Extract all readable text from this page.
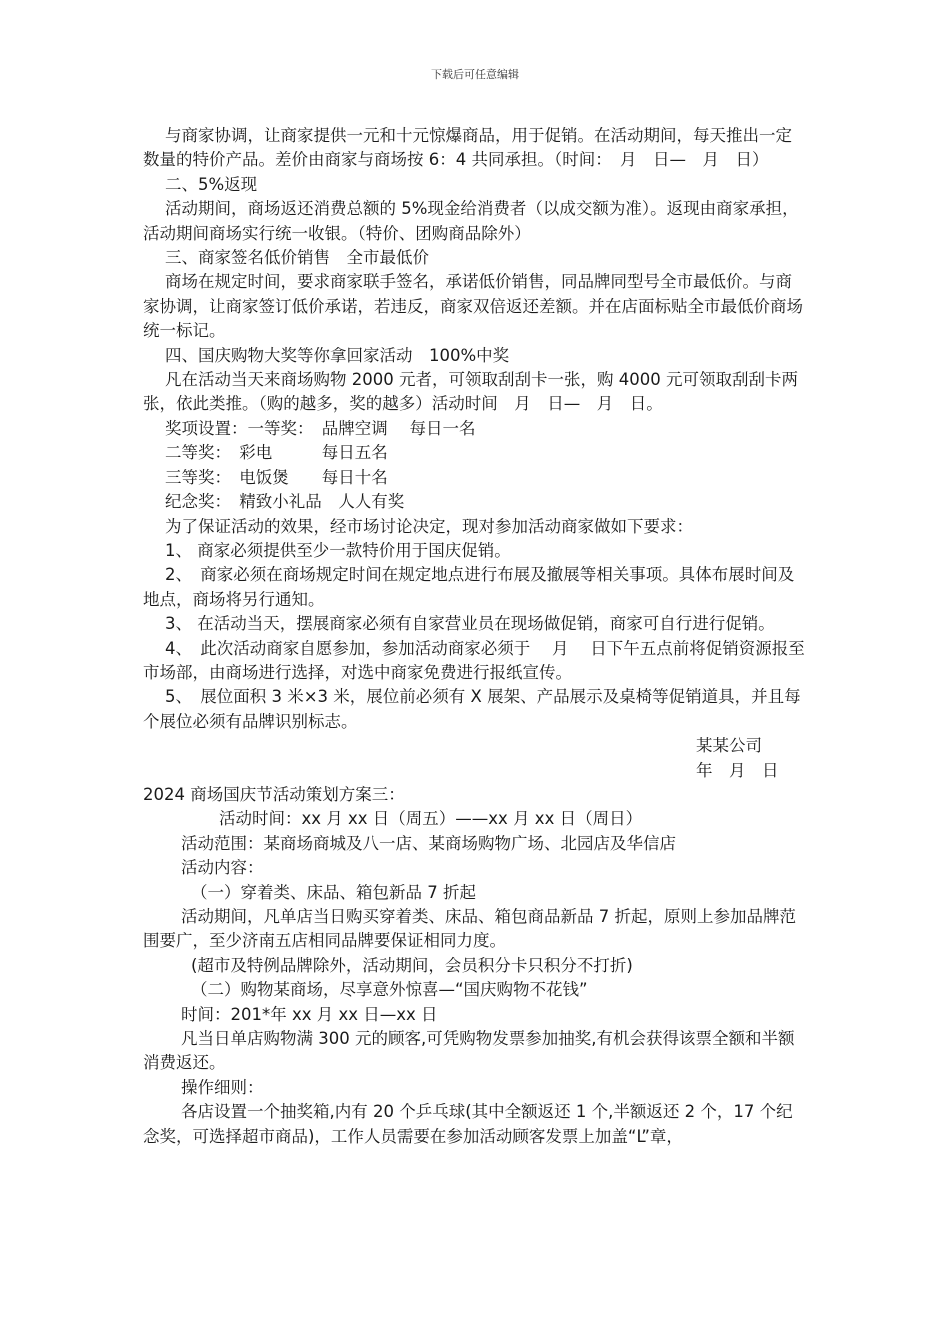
下载后可任意编辑

与商家协调，让商家提供一元和十元惊爆商品，用于促销。在活动期间，每天推出一定数量的特价产品。差价由商家与商场按 6：4 共同承担。（时间：　月　日—　月　日）

二、5%返现

活动期间，商场返还消费总额的 5%现金给消费者（以成交额为准）。返现由商家承担，活动期间商场实行统一收银。（特价、团购商品除外）

三、商家签名低价销售　全市最低价

商场在规定时间，要求商家联手签名，承诺低价销售，同品牌同型号全市最低价。与商家协调，让商家签订低价承诺，若违反，商家双倍返还差额。并在店面标贴全市最低价商场统一标记。

四、国庆购物大奖等你拿回家活动　100%中奖

凡在活动当天来商场购物 2000 元者，可领取刮刮卡一张，购 4000 元可领取刮刮卡两张，依此类推。（购的越多，奖的越多）活动时间　月　日—　月　日。

奖项设置：一等奖：　品牌空调　 每日一名

二等奖：　彩电　　　每日五名

三等奖：　电饭煲　　每日十名

纪念奖：　精致小礼品　人人有奖

为了保证活动的效果，经市场讨论决定，现对参加活动商家做如下要求：

1、 商家必须提供至少一款特价用于国庆促销。

2、　商家必须在商场规定时间在规定地点进行布展及撤展等相关事项。具体布展时间及地点，商场将另行通知。

3、 在活动当天，摆展商家必须有自家营业员在现场做促销，商家可自行进行促销。

4、　此次活动商家自愿参加，参加活动商家必须于　 月　 日下午五点前将促销资源报至市场部，由商场进行选择，对选中商家免费进行报纸宣传。

5、　展位面积 3 米×3 米，展位前必须有 X 展架、产品展示及桌椅等促销道具，并且每个展位必须有品牌识别标志。

某某公司

年　月　日

2024 商场国庆节活动策划方案三：

活动时间：xx 月 xx 日（周五）——xx 月 xx 日（周日）

活动范围：某商场商城及八一店、某商场购物广场、北园店及华信店

活动内容：

（一）穿着类、床品、箱包新品 7 折起

活动期间，凡单店当日购买穿着类、床品、箱包商品新品 7 折起，原则上参加品牌范围要广，至少济南五店相同品牌要保证相同力度。

(超市及特例品牌除外，活动期间，会员积分卡只积分不打折)

（二）购物某商场，尽享意外惊喜—“国庆购物不花钱”

时间：201*年 xx 月 xx 日—xx 日

凡当日单店购物满 300 元的顾客,可凭购物发票参加抽奖,有机会获得该票全额和半额消费返还。

操作细则：

各店设置一个抽奖箱,内有 20 个乒乓球(其中全额返还 1 个,半额返还 2 个，17 个纪念奖，可选择超市商品)，工作人员需要在参加活动顾客发票上加盖“L”章，
